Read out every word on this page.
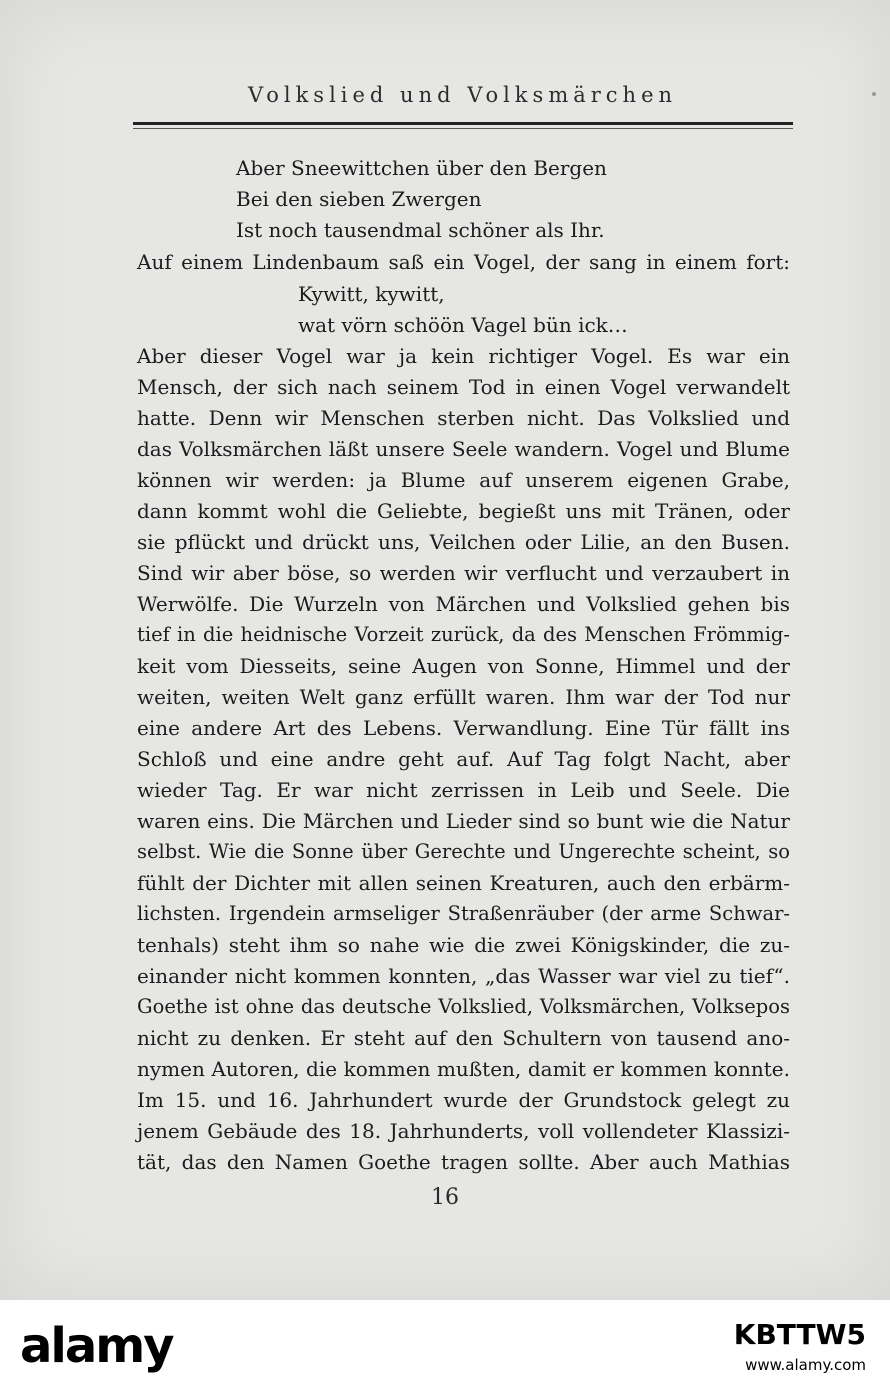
Volkslied und Volksmärchen
Aber Sneewittchen über den Bergen
Bei den sieben Zwergen
Ist noch tausendmal schöner als Ihr.
Auf einem Lindenbaum saß ein Vogel, der sang in einem fort:
Kywitt, kywitt,
wat vörn schöön Vagel bün ick…
Aber dieser Vogel war ja kein richtiger Vogel. Es war ein
Mensch, der sich nach seinem Tod in einen Vogel verwandelt
hatte. Denn wir Menschen sterben nicht. Das Volkslied und
das Volksmärchen läßt unsere Seele wandern. Vogel und Blume
können wir werden: ja Blume auf unserem eigenen Grabe,
dann kommt wohl die Geliebte, begießt uns mit Tränen, oder
sie pflückt und drückt uns, Veilchen oder Lilie, an den Busen.
Sind wir aber böse, so werden wir verflucht und verzaubert in
Werwölfe. Die Wurzeln von Märchen und Volkslied gehen bis
tief in die heidnische Vorzeit zurück, da des Menschen Frömmig-
keit vom Diesseits, seine Augen von Sonne, Himmel und der
weiten, weiten Welt ganz erfüllt waren. Ihm war der Tod nur
eine andere Art des Lebens. Verwandlung. Eine Tür fällt ins
Schloß und eine andre geht auf. Auf Tag folgt Nacht, aber
wieder Tag. Er war nicht zerrissen in Leib und Seele. Die
waren eins. Die Märchen und Lieder sind so bunt wie die Natur
selbst. Wie die Sonne über Gerechte und Ungerechte scheint, so
fühlt der Dichter mit allen seinen Kreaturen, auch den erbärm-
lichsten. Irgendein armseliger Straßenräuber (der arme Schwar-
tenhals) steht ihm so nahe wie die zwei Königskinder, die zu-
einander nicht kommen konnten, „das Wasser war viel zu tief“.
Goethe ist ohne das deutsche Volkslied, Volksmärchen, Volksepos
nicht zu denken. Er steht auf den Schultern von tausend ano-
nymen Autoren, die kommen mußten, damit er kommen konnte.
Im 15. und 16. Jahrhundert wurde der Grundstock gelegt zu
jenem Gebäude des 18. Jahrhunderts, voll vollendeter Klassizi-
tät, das den Namen Goethe tragen sollte. Aber auch Mathias
16
alamy	KBTTW5
www.alamy.com
